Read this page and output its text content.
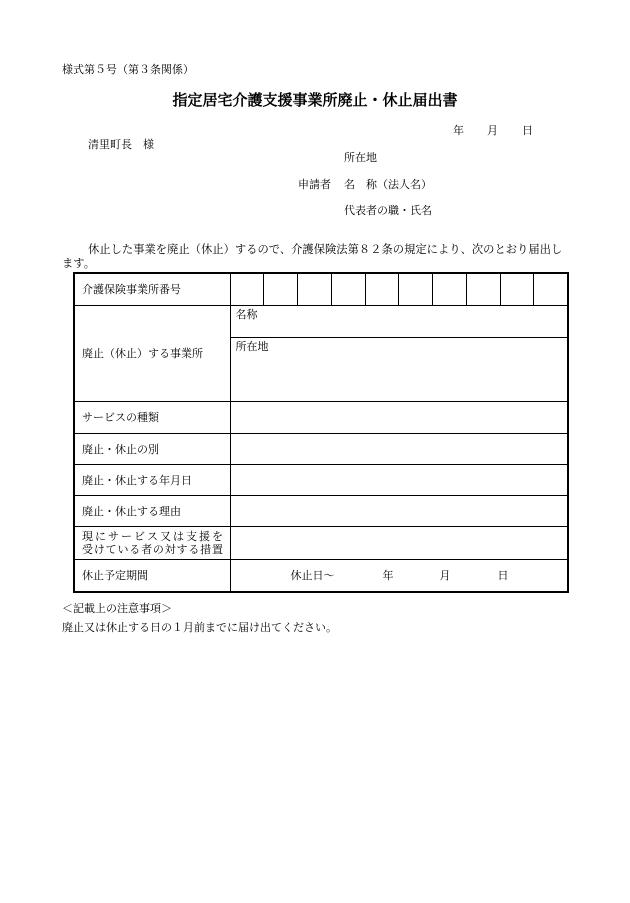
様式第５号（第３条関係）
指定居宅介護支援事業所廃止・休止届出書
年 月 日
清里町長　様
所在地
申請者 名　称（法人名）
代表者の職・氏名
休止した事業を廃止（休止）するので、介護保険法第８２条の規定により、次のとおり届出し
ます。
介護保険事業所番号	

廃止（休止）する事業所	名称
	所在地
サービスの種類	
廃止・休止の別	
廃止・休止する年月日	
廃止・休止する理由	

現にサービス又は支援を
受けている者の対する措置	

休止予定期間	休止日～ 年 月 日
＜記載上の注意事項＞
廃止又は休止する日の１月前までに届け出てください。
